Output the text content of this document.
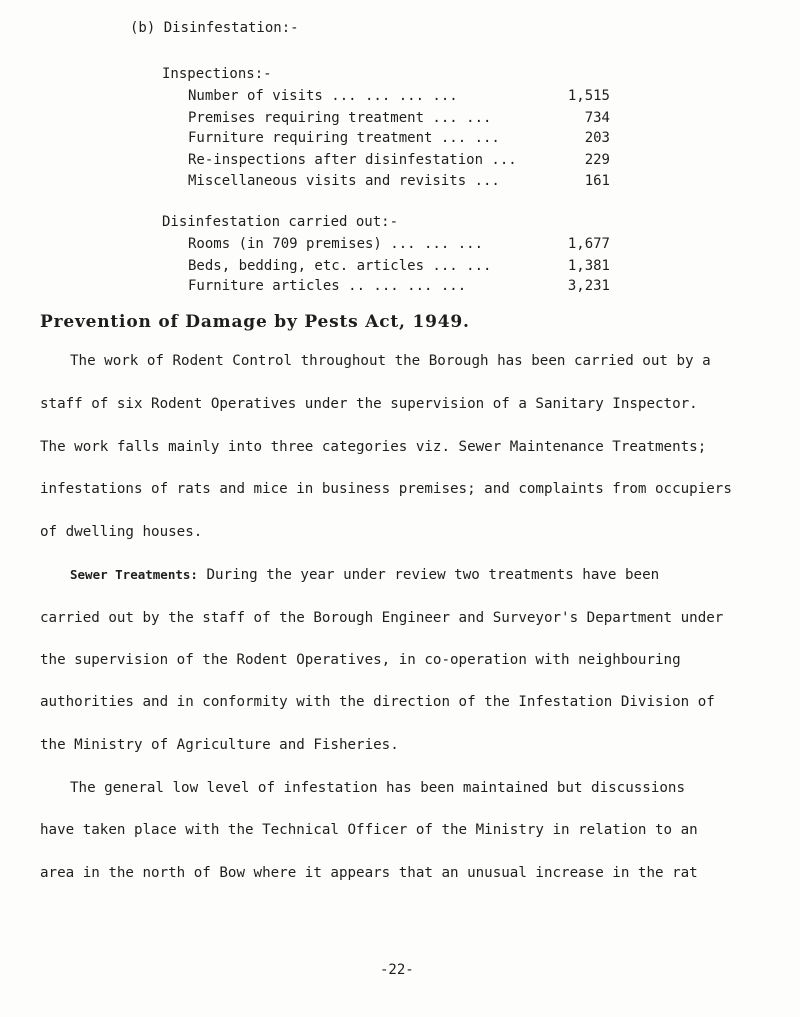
(b) Disinfestation:-
Inspections:-
Number of visits ... ... ... ...	1,515
Premises requiring treatment ... ...	734
Furniture requiring treatment ... ...	203
Re-inspections after disinfestation ...	229
Miscellaneous visits and revisits ...	161
Disinfestation carried out:-
Rooms (in 709 premises) ... ... ...	1,677
Beds, bedding, etc. articles ... ...	1,381
Furniture articles .. ... ... ...	3,231
Prevention of Damage by Pests Act, 1949.
The work of Rodent Control throughout the Borough has been carried out by a
staff of six Rodent Operatives under the supervision of a Sanitary Inspector.
The work falls mainly into three categories viz. Sewer Maintenance Treatments;
infestations of rats and mice in business premises; and complaints from occupiers
of dwelling houses.
Sewer Treatments: During the year under review two treatments have been
carried out by the staff of the Borough Engineer and Surveyor's Department under
the supervision of the Rodent Operatives, in co-operation with neighbouring
authorities and in conformity with the direction of the Infestation Division of
the Ministry of Agriculture and Fisheries.
The general low level of infestation has been maintained but discussions
have taken place with the Technical Officer of the Ministry in relation to an
area in the north of Bow where it appears that an unusual increase in the rat
-22-
